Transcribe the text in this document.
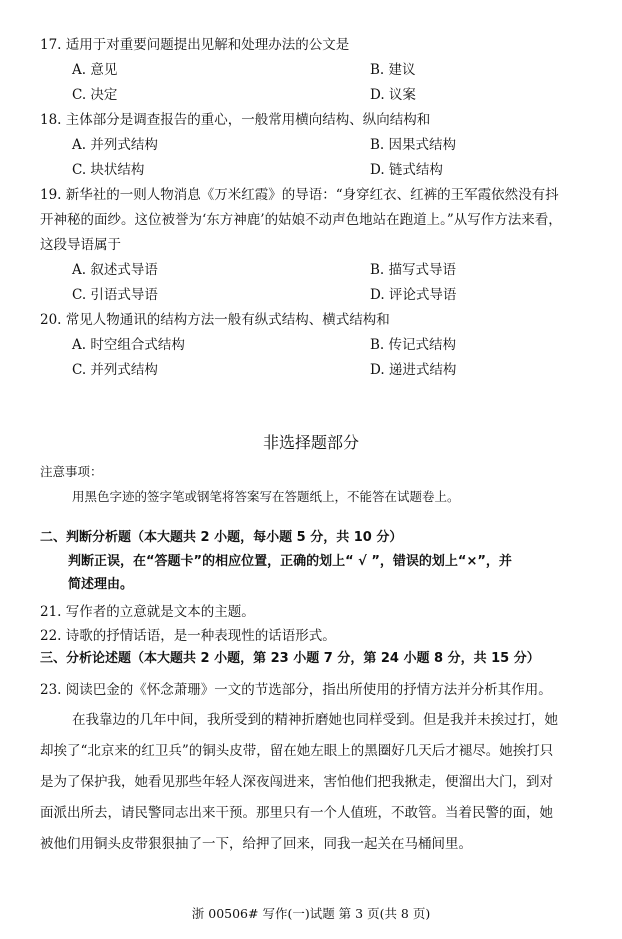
17. 适用于对重要问题提出见解和处理办法的公文是
A. 意见	B. 建议
C. 决定	D. 议案
18. 主体部分是调查报告的重心，一般常用横向结构、纵向结构和
A. 并列式结构	B. 因果式结构
C. 块状结构	D. 链式结构
19. 新华社的一则人物消息《万米红霞》的导语：“身穿红衣、红裤的王军霞依然没有抖
开神秘的面纱。这位被誉为‘东方神鹿’的姑娘不动声色地站在跑道上。”从写作方法来看，
这段导语属于
A. 叙述式导语	B. 描写式导语
C. 引语式导语	D. 评论式导语
20. 常见人物通讯的结构方法一般有纵式结构、横式结构和
A. 时空组合式结构	B. 传记式结构
C. 并列式结构	D. 递进式结构
非选择题部分
注意事项：
用黑色字迹的签字笔或钢笔将答案写在答题纸上，不能答在试题卷上。
二、判断分析题（本大题共 2 小题，每小题 5 分，共 10 分）
判断正误，在“答题卡”的相应位置，正确的划上“ √ ”，错误的划上“×”，并
简述理由。
21. 写作者的立意就是文本的主题。
22. 诗歌的抒情话语，是一种表现性的话语形式。
三、分析论述题（本大题共 2 小题，第 23 小题 7 分，第 24 小题 8 分，共 15 分）
23. 阅读巴金的《怀念萧珊》一文的节选部分，指出所使用的抒情方法并分析其作用。
在我靠边的几年中间，我所受到的精神折磨她也同样受到。但是我并未挨过打，她
却挨了“北京来的红卫兵”的铜头皮带，留在她左眼上的黑圈好几天后才褪尽。她挨打只
是为了保护我，她看见那些年轻人深夜闯进来，害怕他们把我揪走，便溜出大门，到对
面派出所去，请民警同志出来干预。那里只有一个人值班，不敢管。当着民警的面，她
被他们用铜头皮带狠狠抽了一下，给押了回来，同我一起关在马桶间里。
浙 00506# 写作(一)试题 第 3 页(共 8 页)
